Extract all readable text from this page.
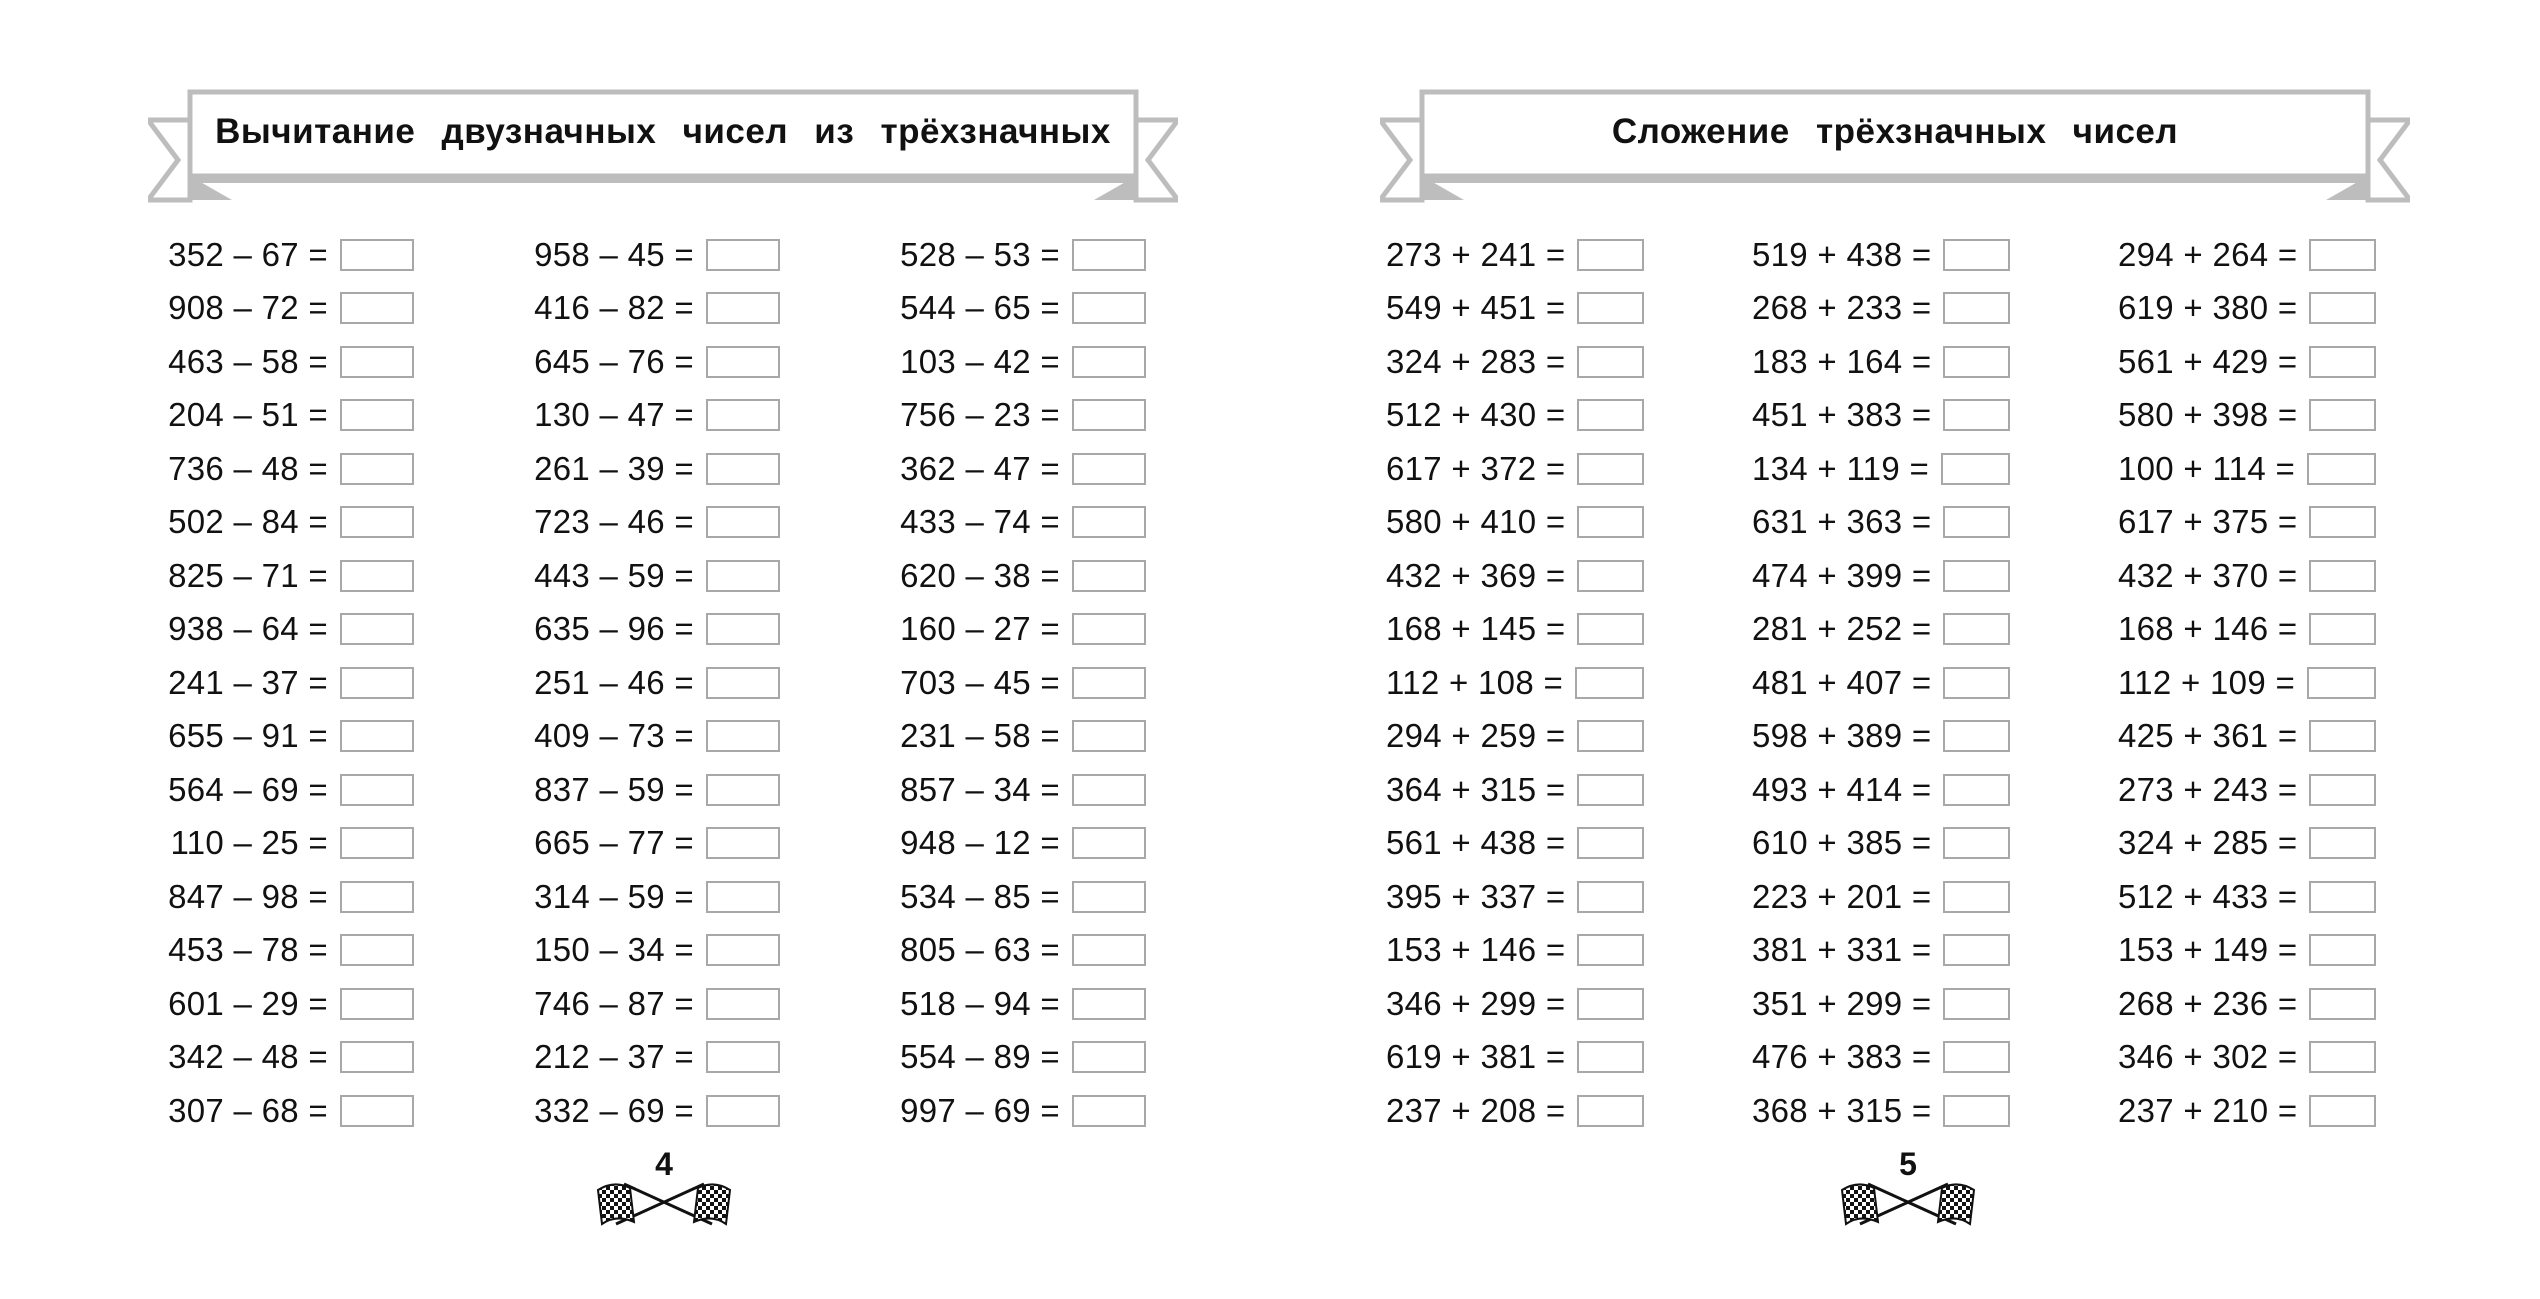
Вычитание двузначных чисел из трёхзначных
352 – 67 =
908 – 72 =
463 – 58 =
204 – 51 =
736 – 48 =
502 – 84 =
825 – 71 =
938 – 64 =
241 – 37 =
655 – 91 =
564 – 69 =
110 – 25 =
847 – 98 =
453 – 78 =
601 – 29 =
342 – 48 =
307 – 68 =
958 – 45 =
416 – 82 =
645 – 76 =
130 – 47 =
261 – 39 =
723 – 46 =
443 – 59 =
635 – 96 =
251 – 46 =
409 – 73 =
837 – 59 =
665 – 77 =
314 – 59 =
150 – 34 =
746 – 87 =
212 – 37 =
332 – 69 =
528 – 53 =
544 – 65 =
103 – 42 =
756 – 23 =
362 – 47 =
433 – 74 =
620 – 38 =
160 – 27 =
703 – 45 =
231 – 58 =
857 – 34 =
948 – 12 =
534 – 85 =
805 – 63 =
518 – 94 =
554 – 89 =
997 – 69 =
4
Сложение трёхзначных чисел
273 + 241 =
549 + 451 =
324 + 283 =
512 + 430 =
617 + 372 =
580 + 410 =
432 + 369 =
168 + 145 =
112 + 108 =
294 + 259 =
364 + 315 =
561 + 438 =
395 + 337 =
153 + 146 =
346 + 299 =
619 + 381 =
237 + 208 =
519 + 438 =
268 + 233 =
183 + 164 =
451 + 383 =
134 + 119 =
631 + 363 =
474 + 399 =
281 + 252 =
481 + 407 =
598 + 389 =
493 + 414 =
610 + 385 =
223 + 201 =
381 + 331 =
351 + 299 =
476 + 383 =
368 + 315 =
294 + 264 =
619 + 380 =
561 + 429 =
580 + 398 =
100 + 114 =
617 + 375 =
432 + 370 =
168 + 146 =
112 + 109 =
425 + 361 =
273 + 243 =
324 + 285 =
512 + 433 =
153 + 149 =
268 + 236 =
346 + 302 =
237 + 210 =
5
